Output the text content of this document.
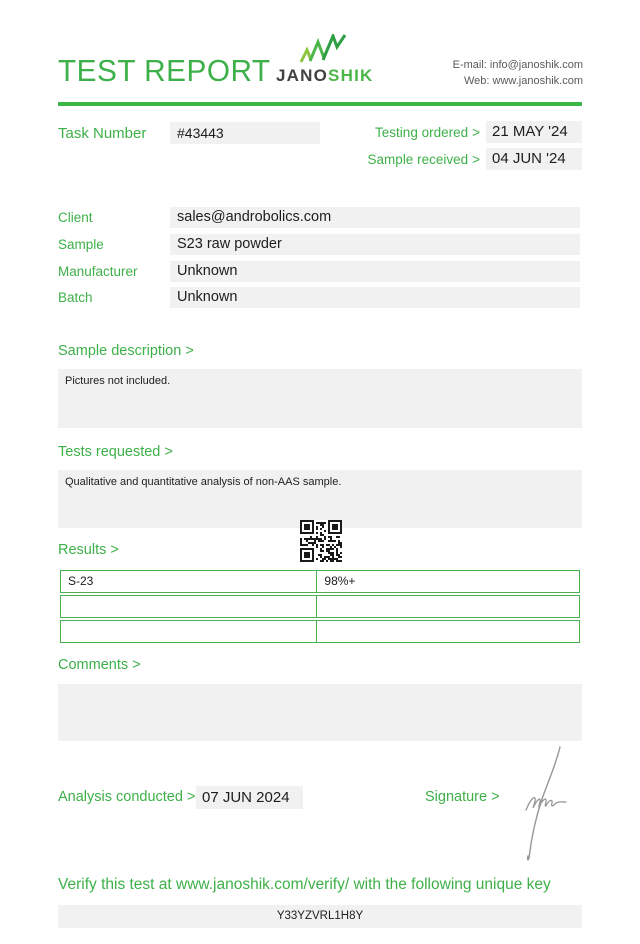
TEST REPORT JANOSHIK
E-mail: info@janoshik.com
Web: www.janoshik.com
Task Number	#43443	Testing ordered > 21 MAY '24
Sample received > 04 JUN '24
Client	sales@androbolics.com
Sample	S23 raw powder
Manufacturer	Unknown
Batch	Unknown
Sample description >
Pictures not included.
Tests requested >
Qualitative and quantitative analysis of non-AAS sample.
Results >
S-23	98%+
Comments >
Analysis conducted > 07 JUN 2024	Signature >
Verify this test at www.janoshik.com/verify/ with the following unique key
Y33YZVRL1H8Y
